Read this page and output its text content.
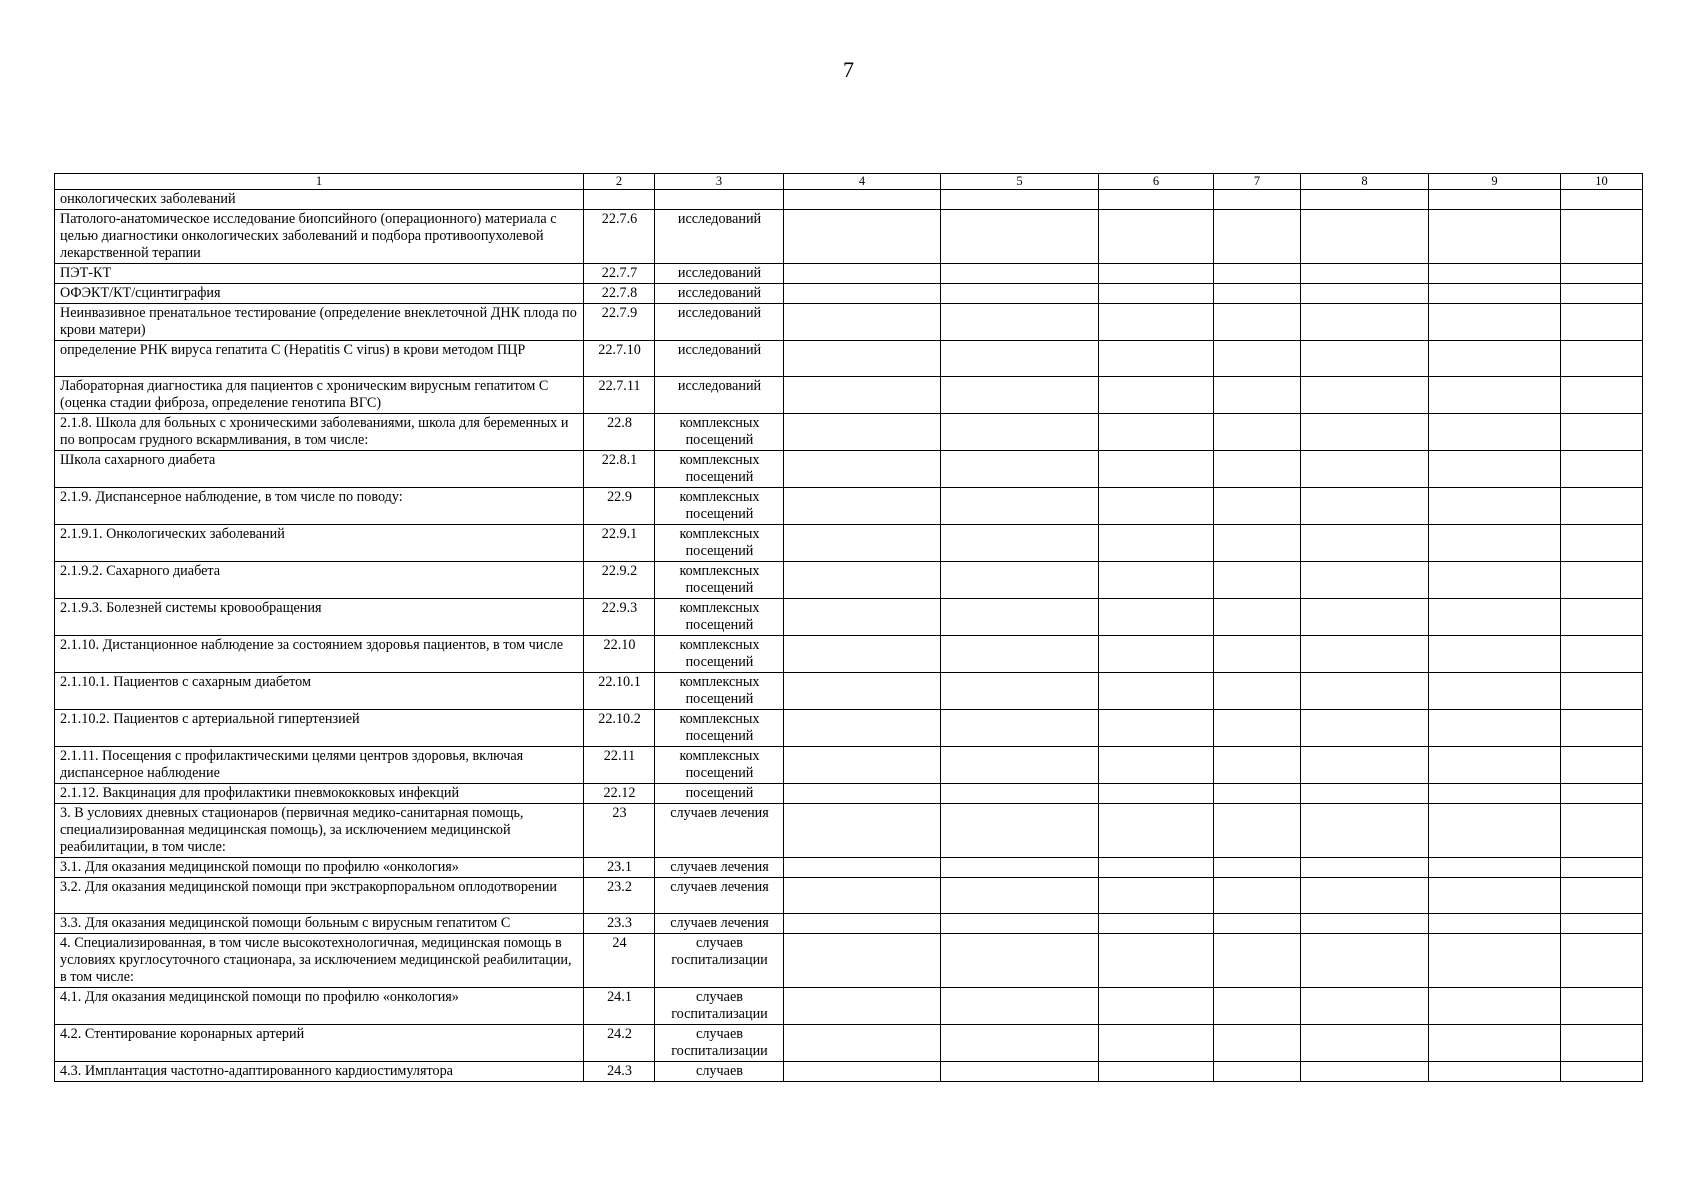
7
1	2	3	4	5	6	7	8	9	10
онкологических заболеваний									
Патолого-анатомическое исследование биопсийного (операционного) материала с целью диагностики онкологических заболеваний и подбора противоопухолевой лекарственной терапии	22.7.6	исследований							
ПЭТ-КТ	22.7.7	исследований							
ОФЭКТ/КТ/сцинтиграфия	22.7.8	исследований							
Неинвазивное пренатальное тестирование (определение внеклеточной ДНК плода по крови матери)	22.7.9	исследований							
определение РНК вируса гепатита С (Hepatitis C virus) в крови методом ПЦР	22.7.10	исследований							
Лабораторная диагностика для пациентов с хроническим вирусным гепатитом С (оценка стадии фиброза, определение генотипа ВГС)	22.7.11	исследований							
2.1.8. Школа для больных с хроническими заболеваниями, школа для беременных и по вопросам грудного вскармливания, в том числе:	22.8	комплексных посещений							
Школа сахарного диабета	22.8.1	комплексных посещений							
2.1.9. Диспансерное наблюдение, в том числе по поводу:	22.9	комплексных посещений							
2.1.9.1. Онкологических заболеваний	22.9.1	комплексных посещений							
2.1.9.2. Сахарного диабета	22.9.2	комплексных посещений							
2.1.9.3. Болезней системы кровообращения	22.9.3	комплексных посещений							
2.1.10. Дистанционное наблюдение за состоянием здоровья пациентов, в том числе	22.10	комплексных посещений							
2.1.10.1. Пациентов с сахарным диабетом	22.10.1	комплексных посещений							
2.1.10.2. Пациентов с артериальной гипертензией	22.10.2	комплексных посещений							
2.1.11. Посещения с профилактическими целями центров здоровья, включая диспансерное наблюдение	22.11	комплексных посещений							
2.1.12. Вакцинация для профилактики пневмококковых инфекций	22.12	посещений							
3. В условиях дневных стационаров (первичная медико-санитарная помощь, специализированная медицинская помощь), за исключением медицинской реабилитации, в том числе:	23	случаев лечения							
3.1. Для оказания медицинской помощи по профилю «онкология»	23.1	случаев лечения							
3.2. Для оказания медицинской помощи при экстракорпоральном оплодотворении	23.2	случаев лечения							
3.3. Для оказания медицинской помощи больным с вирусным гепатитом С	23.3	случаев лечения							
4. Специализированная, в том числе высокотехнологичная, медицинская помощь в условиях круглосуточного стационара, за исключением медицинской реабилитации, в том числе:	24	случаев госпитализации							
4.1. Для оказания медицинской помощи по профилю «онкология»	24.1	случаев госпитализации							
4.2. Стентирование коронарных артерий	24.2	случаев госпитализации							
4.3. Имплантация частотно-адаптированного кардиостимулятора	24.3	случаев							
